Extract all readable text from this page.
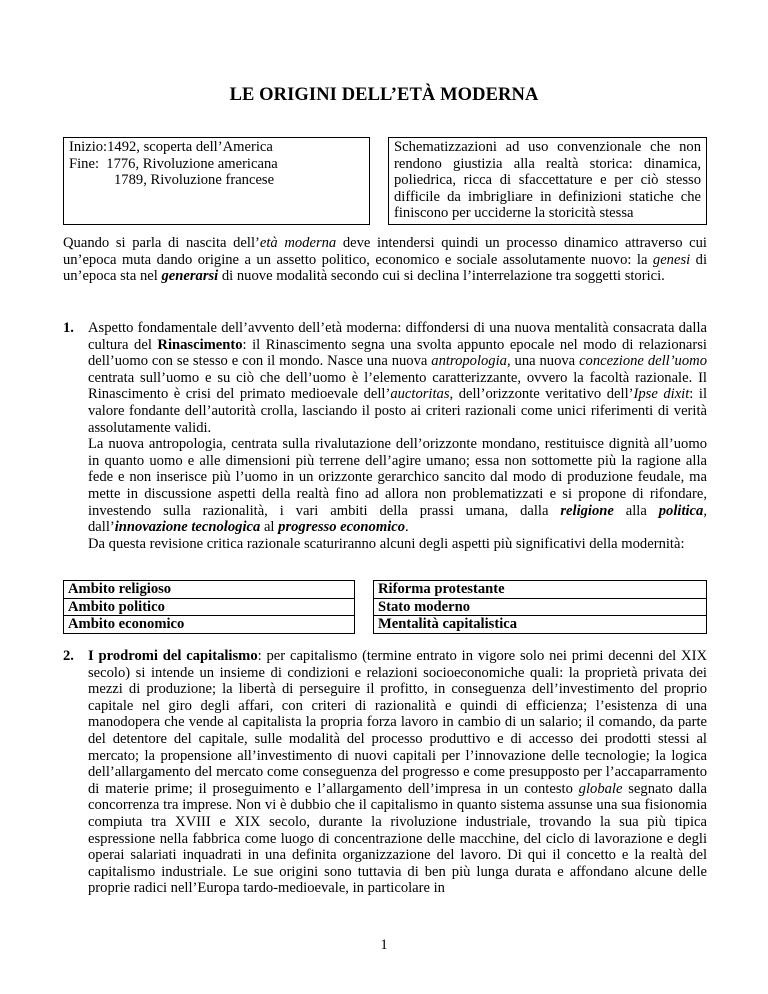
LE ORIGINI DELL’ETÀ MODERNA
Inizio:1492, scoperta dell’America
Fine:  1776, Rivoluzione americana
1789, Rivoluzione francese
		Schematizzazioni ad uso convenzionale che non rendono giustizia alla realtà storica: dinamica, poliedrica, ricca di sfaccettature e per ciò stesso difficile da imbrigliare in definizioni statiche che finiscono per ucciderne la storicità stessa

Quando si parla di nascita dell’età moderna deve intendersi quindi un processo dinamico attraverso cui un’epoca muta dando origine a un assetto politico, economico e sociale assolutamente nuovo: la genesi di un’epoca sta nel generarsi di nuove modalità secondo cui si declina l’interrelazione tra soggetti storici.

1. Aspetto fondamentale dell’avvento dell’età moderna: diffondersi di una nuova mentalità consacrata dalla cultura del Rinascimento: il Rinascimento segna una svolta appunto epocale nel modo di relazionarsi dell’uomo con se stesso e con il mondo. Nasce una nuova antropologia, una nuova concezione dell’uomo centrata sull’uomo e su ciò che dell’uomo è l’elemento caratterizzante, ovvero la facoltà razionale. Il Rinascimento è crisi del primato medioevale dell’auctoritas, dell’orizzonte veritativo dell’Ipse dixit: il valore fondante dell’autorità crolla, lasciando il posto ai criteri razionali come unici riferimenti di verità assolutamente validi.

La nuova antropologia, centrata sulla rivalutazione dell’orizzonte mondano, restituisce dignità all’uomo in quanto uomo e alle dimensioni più terrene dell’agire umano; essa non sottomette più la ragione alla fede e non inserisce più l’uomo in un orizzonte gerarchico sancito dal modo di produzione feudale, ma mette in discussione aspetti della realtà fino ad allora non problematizzati e si propone di rifondare, investendo sulla razionalità, i vari ambiti della prassi umana, dalla religione alla politica, dall’innovazione tecnologica al progresso economico.

Da questa revisione critica razionale scaturiranno alcuni degli aspetti più significativi della modernità:

Ambito religioso		Riforma protestante
Ambito politico		Stato moderno
Ambito economico		Mentalità capitalistica
2. I prodromi del capitalismo: per capitalismo (termine entrato in vigore solo nei primi decenni del XIX secolo) si intende un insieme di condizioni e relazioni socioeconomiche quali: la proprietà privata dei mezzi di produzione; la libertà di perseguire il profitto, in conseguenza dell’investimento del proprio capitale nel giro degli affari, con criteri di razionalità e quindi di efficienza; l’esistenza di una manodopera che vende al capitalista la propria forza lavoro in cambio di un salario; il comando, da parte del detentore del capitale, sulle modalità del processo produttivo e di accesso dei prodotti stessi al mercato; la propensione all’investimento di nuovi capitali per l’innovazione delle tecnologie; la logica dell’allargamento del mercato come conseguenza del progresso e come presupposto per l’accaparramento di materie prime; il proseguimento e l’allargamento dell’impresa in un contesto globale segnato dalla concorrenza tra imprese. Non vi è dubbio che il capitalismo in quanto sistema assunse una sua fisionomia compiuta tra XVIII e XIX secolo, durante la rivoluzione industriale, trovando la sua più tipica espressione nella fabbrica come luogo di concentrazione delle macchine, del ciclo di lavorazione e degli operai salariati inquadrati in una definita organizzazione del lavoro. Di qui il concetto e la realtà del capitalismo industriale. Le sue origini sono tuttavia di ben più lunga durata e affondano alcune delle proprie radici nell’Europa tardo-medioevale, in particolare in

1
